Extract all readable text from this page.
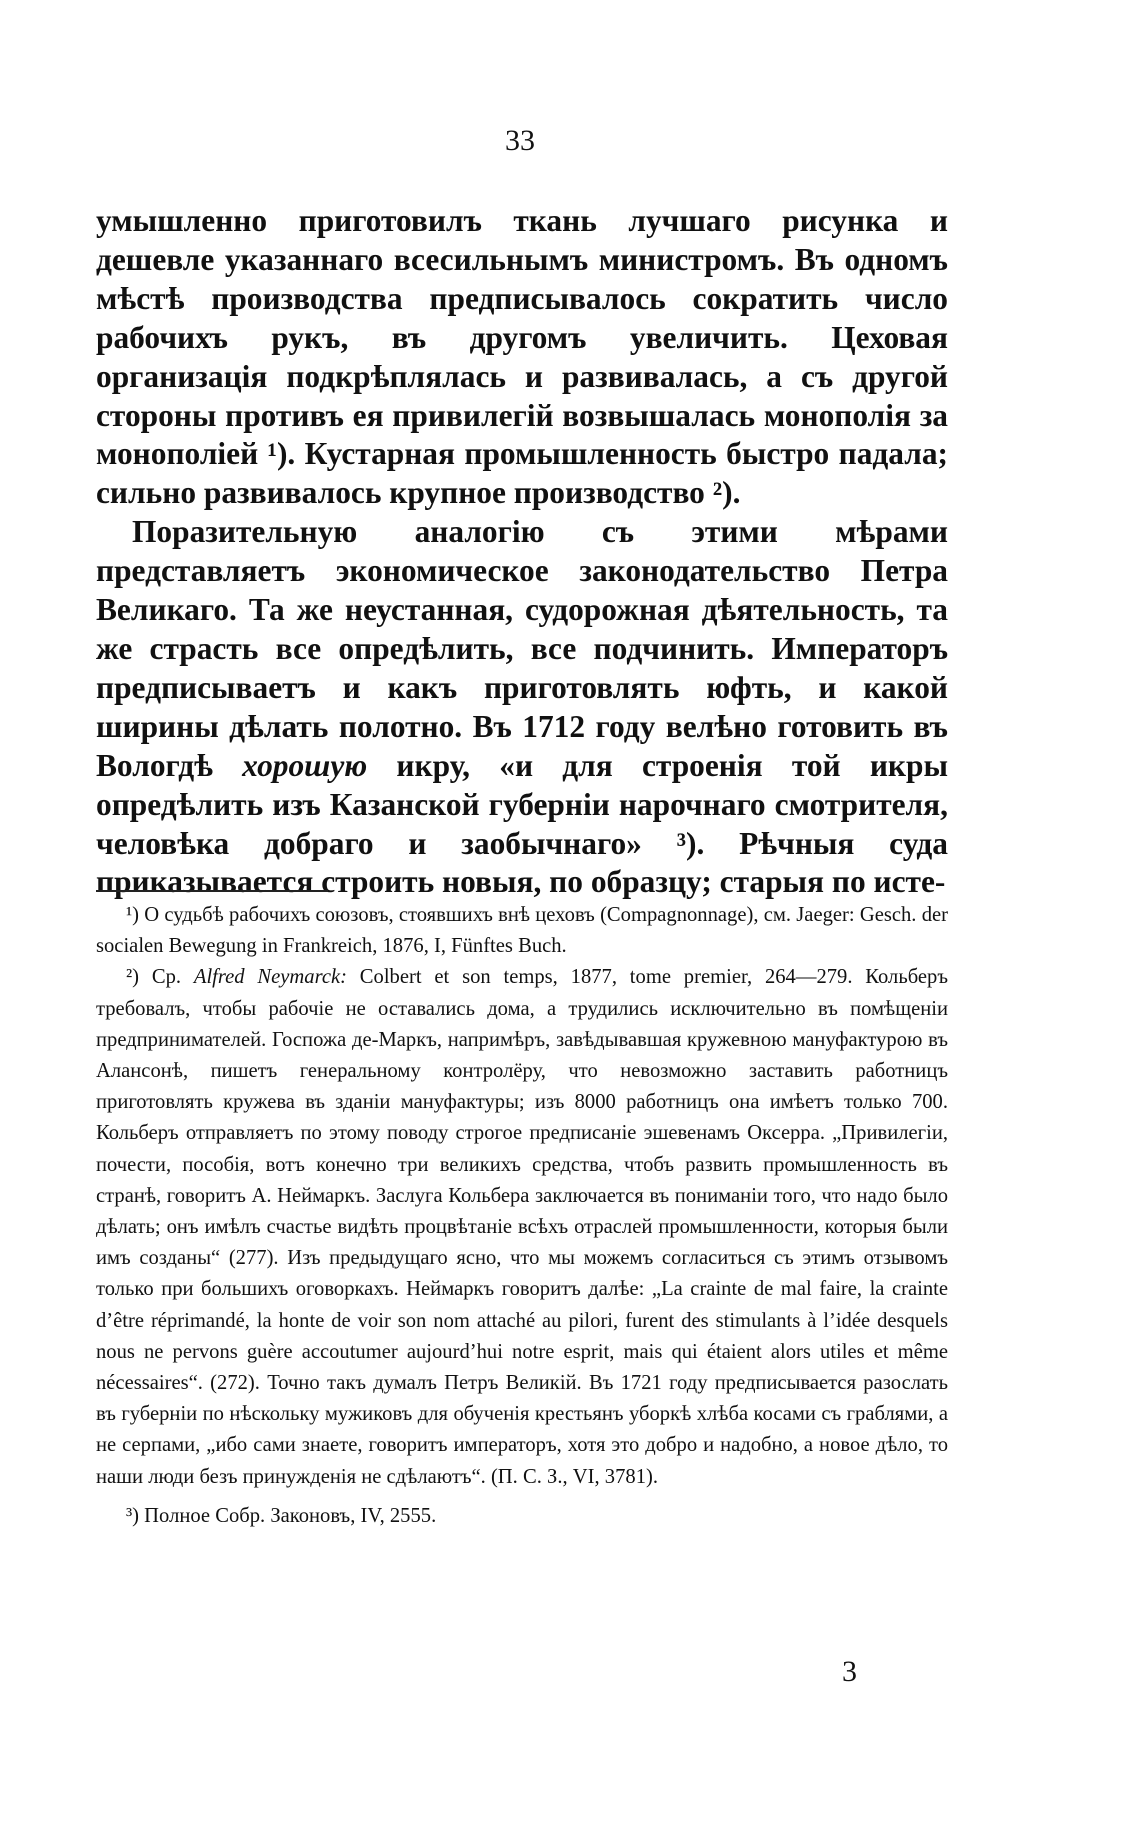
33

умышленно приготовилъ ткань лучшаго рисунка и дешевле указаннаго всесильнымъ министромъ. Въ одномъ мѣстѣ производства предписывалось сократить число рабочихъ рукъ, въ другомъ увеличить. Цеховая организація подкрѣплялась и развивалась, а съ другой стороны противъ ея привилегій возвышалась монополія за монополіей ¹). Кустарная промышленность быстро падала; сильно развивалось крупное производство ²).

Поразительную аналогію съ этими мѣрами представляетъ экономическое законодательство Петра Великаго. Та же неустанная, судорожная дѣятельность, та же страсть все опредѣлить, все подчинить. Императоръ предписываетъ и какъ приготовлять юфть, и какой ширины дѣлать полотно. Въ 1712 году велѣно готовить въ Вологдѣ хорошую икру, «и для строенія той икры опредѣлить изъ Казанской губерніи нарочнаго смотрителя, человѣка добраго и заобычнаго» ³). Рѣчныя суда приказывается строить новыя, по образцу; старыя по исте-

¹) О судьбѣ рабочихъ союзовъ, стоявшихъ внѣ цеховъ (Compagnonnage), см. Jaeger: Gesch. der socialen Bewegung in Frankreich, 1876, I, Fünftes Buch.

²) Ср. Alfred Neymarck: Colbert et son temps, 1877, tome premier, 264—279. Кольберъ требовалъ, чтобы рабочіе не оставались дома, а трудились исключительно въ помѣщеніи предпринимателей. Госпожа де-Маркъ, напримѣръ, завѣдывавшая кружевною мануфактурою въ Алансонѣ, пишетъ генеральному контролёру, что невозможно заставить работницъ приготовлять кружева въ зданіи мануфактуры; изъ 8000 работницъ она имѣетъ только 700. Кольберъ отправляетъ по этому поводу строгое предписаніе эшевенамъ Оксерра. „Привилегіи, почести, пособія, вотъ конечно три великихъ средства, чтобъ развить промышленность въ странѣ, говоритъ А. Неймаркъ. Заслуга Кольбера заключается въ пониманіи того, что надо было дѣлать; онъ имѣлъ счастье видѣть процвѣтаніе всѣхъ отраслей промышленности, которыя были имъ созданы“ (277). Изъ предыдущаго ясно, что мы можемъ согласиться съ этимъ отзывомъ только при большихъ оговоркахъ. Неймаркъ говоритъ далѣе: „La crainte de mal faire, la crainte d’être réprimandé, la honte de voir son nom attaché au pilori, furent des stimulants à l’idée desquels nous ne pervons guère accoutumer aujourd’hui notre esprit, mais qui étaient alors utiles et même nécessaires“. (272). Точно такъ думалъ Петръ Великій. Въ 1721 году предписывается разослать въ губерніи по нѣскольку мужиковъ для обученія крестьянъ уборкѣ хлѣба косами съ граблями, а не серпами, „ибо сами знаете, говоритъ императоръ, хотя это добро и надобно, а новое дѣло, то наши люди безъ принужденія не сдѣлаютъ“. (П. С. З., VI, 3781).

³) Полное Собр. Законовъ, IV, 2555.

3
